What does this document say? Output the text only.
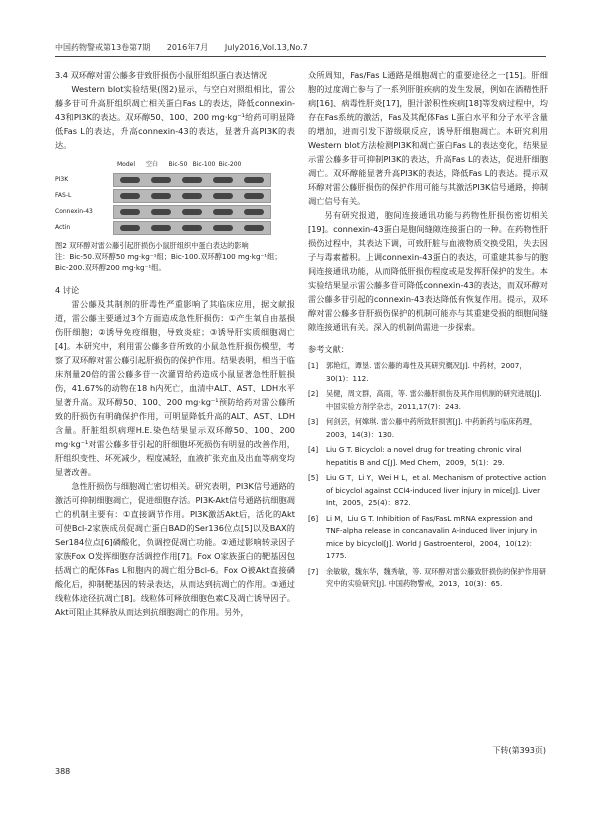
中国药物警戒第13卷第7期 2016年7月 July2016,Vol.13,No.7
3.4 双环醇对雷公藤多苷致肝损伤小鼠肝组织蛋白表达情况

Western blot实验结果(图2)显示，与空白对照组相比，雷公藤多苷可升高肝组织凋亡相关蛋白Fas L的表达，降低connexin-43和PI3K的表达。双环醇50、100、200 mg·kg⁻¹给药可明显降低Fas L的表达，升高connexin-43的表达，显著升高PI3K的表达。

Model	空白	Bic-50 Bic-100 Bic-200
PI3K
FAS-L
Connexin-43
Actin
图2 双环醇对雷公藤引起肝损伤小鼠肝组织中蛋白表达的影响
注：Bic-50.双环醇50 mg·kg⁻¹组；Bic-100.双环醇100 mg·kg⁻¹组；Bic-200.双环醇200 mg·kg⁻¹组。
4 讨论

雷公藤及其制剂的肝毒性严重影响了其临床应用，据文献报道，雷公藤主要通过3个方面造成急性肝损伤：①产生氧自由基损伤肝细胞；②诱导免疫细胞，导致炎症；③诱导肝实质细胞凋亡[4]。本研究中，利用雷公藤多苷所致的小鼠急性肝损伤模型，考察了双环醇对雷公藤引起肝损伤的保护作用。结果表明，相当于临床剂量20倍的雷公藤多苷一次灌胃给药造成小鼠显著急性肝脏损伤，41.67%的动物在18 h内死亡，血清中ALT、AST、LDH水平显著升高。双环醇50、100、200 mg·kg⁻¹预防给药对雷公藤所致的肝损伤有明确保护作用，可明显降低升高的ALT、AST、LDH含量。肝脏组织病理H.E.染色结果显示双环醇50、100、200 mg·kg⁻¹对雷公藤多苷引起的肝细胞坏死损伤有明显的改善作用，肝组织变性、坏死减少，程度减轻，血液扩张充血及出血等病变均显著改善。

急性肝损伤与细胞凋亡密切相关。研究表明，PI3K信号通路的激活可抑制细胞凋亡，促进细胞存活。PI3K-Akt信号通路抗细胞凋亡的机制主要有：①直接调节作用。PI3K激活Akt后，活化的Akt可使Bcl-2家族成员促凋亡蛋白BAD的Ser136位点[5]以及BAX的Ser184位点[6]磷酸化，负调控促凋亡功能。②通过影响转录因子家族Fox O发挥细胞存活调控作用[7]。Fox O家族蛋白的靶基因包括凋亡的配体Fas L和胞内的凋亡组分Bcl-6。Fox O被Akt直接磷酸化后，抑制靶基因的转录表达，从而达到抗凋亡的作用。③通过线粒体途径抗凋亡[8]。线粒体可释放细胞色素C及凋亡诱导因子。Akt可阻止其释放从而达到抗细胞凋亡的作用。另外，

众所周知，Fas/Fas L通路是细胞凋亡的重要途径之一[15]。肝细胞的过度凋亡参与了一系列肝脏疾病的发生发展，例如在酒精性肝病[16]、病毒性肝炎[17]，胆汁淤积性疾病[18]等发病过程中，均存在Fas系统的激活，Fas及其配体Fas L蛋白水平和分子水平含量的增加，进而引发下游级联反应，诱导肝细胞凋亡。本研究利用Western blot方法检测PI3K和凋亡蛋白Fas L的表达变化，结果显示雷公藤多苷可抑制PI3K的表达，升高Fas L的表达，促进肝细胞凋亡。双环醇能显著升高PI3K的表达，降低Fas L的表达。提示双环醇对雷公藤肝损伤的保护作用可能与其激活PI3K信号通路，抑制凋亡信号有关。

另有研究报道，胞间连接通讯功能与药物性肝损伤密切相关[19]。connexin-43蛋白是胞间缝隙连接蛋白的一种。在药物性肝损伤过程中，其表达下调，可致肝脏与血液物质交换受阻，失去因子与毒素蓄积。上调connexin-43蛋白的表达，可重建其参与的胞间连接通讯功能，从而降低肝损伤程度或是发挥肝保护的发生。本实验结果显示雷公藤多苷可降低connexin-43的表达，而双环醇对雷公藤多苷引起的connexin-43表达降低有恢复作用。提示，双环醇对雷公藤多苷肝损伤保护的机制可能亦与其重建受损的细胞间缝隙连接通讯有关。深入的机制尚需进一步探索。

参考文献：
[1]	郭艳红，谭垦. 雷公藤的毒性及其研究概况[J]. 中药材，2007，30(1)：112.
[2]	吴健，周文群，高雨，等. 雷公藤肝损伤及其作用机制的研究进展[J]. 中国实验方剂学杂志，2011,17(7)：243.
[3]	何剑芸，何嫦琪. 雷公藤中药所致肝损害[J]. 中药新药与临床药理，2003，14(3)：130.
[4]	Liu G T. Bicyclol: a novel drug for treating chronic viral hepatitis B and C[J]. Med Chem，2009，5(1)：29.
[5]	Liu G T，Li Y，Wei H L，et al. Mechanism of protective action of bicyclol against CCl4-induced liver injury in mice[J]. Liver Int，2005，25(4)：872.
[6]	Li M，Liu G T. Inhibition of Fas/FasL mRNA expression and TNF-alpha release in concanavalin A-induced liver injury in mice by bicyclol[J]. World J Gastroenterol，2004，10(12)：1775.
[7]	余敏敏，魏东华，魏秀敏，等. 双环醇对雷公藤致肝损伤的保护作用研究中的实验研究[J]. 中国药物警戒，2013，10(3)：65.
下转(第393页)
388
